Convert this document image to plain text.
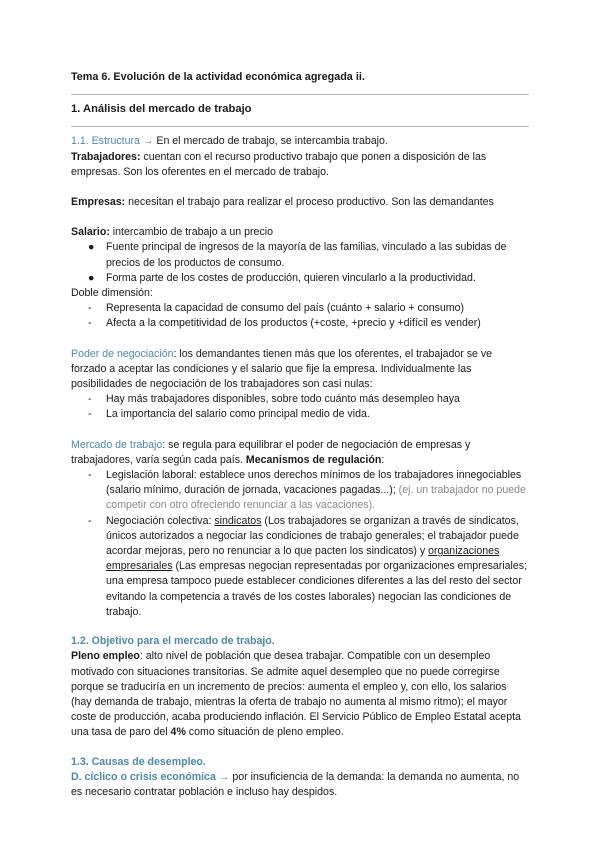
Tema 6. Evolución de la actividad económica agregada ii.
1. Análisis del mercado de trabajo

1.1. Estructura → En el mercado de trabajo, se intercambia trabajo.

Trabajadores: cuentan con el recurso productivo trabajo que ponen a disposición de las empresas. Son los oferentes en el mercado de trabajo.

Empresas: necesitan el trabajo para realizar el proceso productivo. Son las demandantes

Salario: intercambio de trabajo a un precio

● Fuente principal de ingresos de la mayoría de las familias, vinculado a las subidas de precios de los productos de consumo.
● Forma parte de los costes de producción, quieren vincularlo a la productividad.

Doble dimensión:

- Representa la capacidad de consumo del país (cuánto + salario + consumo)
- Afecta a la competitividad de los productos (+coste, +precio y +difícil es vender)

Poder de negociación: los demandantes tienen más que los oferentes, el trabajador se ve forzado a aceptar las condiciones y el salario que fije la empresa. Individualmente las posibilidades de negociación de los trabajadores son casi nulas:

- Hay más trabajadores disponibles, sobre todo cuánto más desempleo haya
- La importancia del salario como principal medio de vida.

Mercado de trabajo: se regula para equilibrar el poder de negociación de empresas y trabajadores, varía según cada país. Mecanismos de regulación:

- Legislación laboral: establece unos derechos mínimos de los trabajadores innegociables (salario mínimo, duración de jornada, vacaciones pagadas...); (ej. un trabajador no puede competir con otro ofreciendo renunciar a las vacaciones).
- Negociación colectiva: sindicatos (Los trabajadores se organizan a través de sindicatos, únicos autorizados a negociar las condiciones de trabajo generales; el trabajador puede acordar mejoras, pero no renunciar a lo que pacten los sindicatos) y organizaciones empresariales (Las empresas negocian representadas por organizaciones empresariales; una empresa tampoco puede establecer condiciones diferentes a las del resto del sector evitando la competencia a través de los costes laborales) negocian las condiciones de trabajo.

1.2. Objetivo para el mercado de trabajo.

Pleno empleo: alto nivel de población que desea trabajar. Compatible con un desempleo motivado con situaciones transitorias. Se admite aquel desempleo que no puede corregirse porque se traduciría en un incremento de precios: aumenta el empleo y, con ello, los salarios (hay demanda de trabajo, mientras la oferta de trabajo no aumenta al mismo ritmo); el mayor coste de producción, acaba produciendo inflación. El Servicio Público de Empleo Estatal acepta una tasa de paro del 4% como situación de pleno empleo.

1.3. Causas de desempleo.

D. cíclico o crisis económica → por insuficiencia de la demanda: la demanda no aumenta, no es necesario contratar población e incluso hay despidos.
